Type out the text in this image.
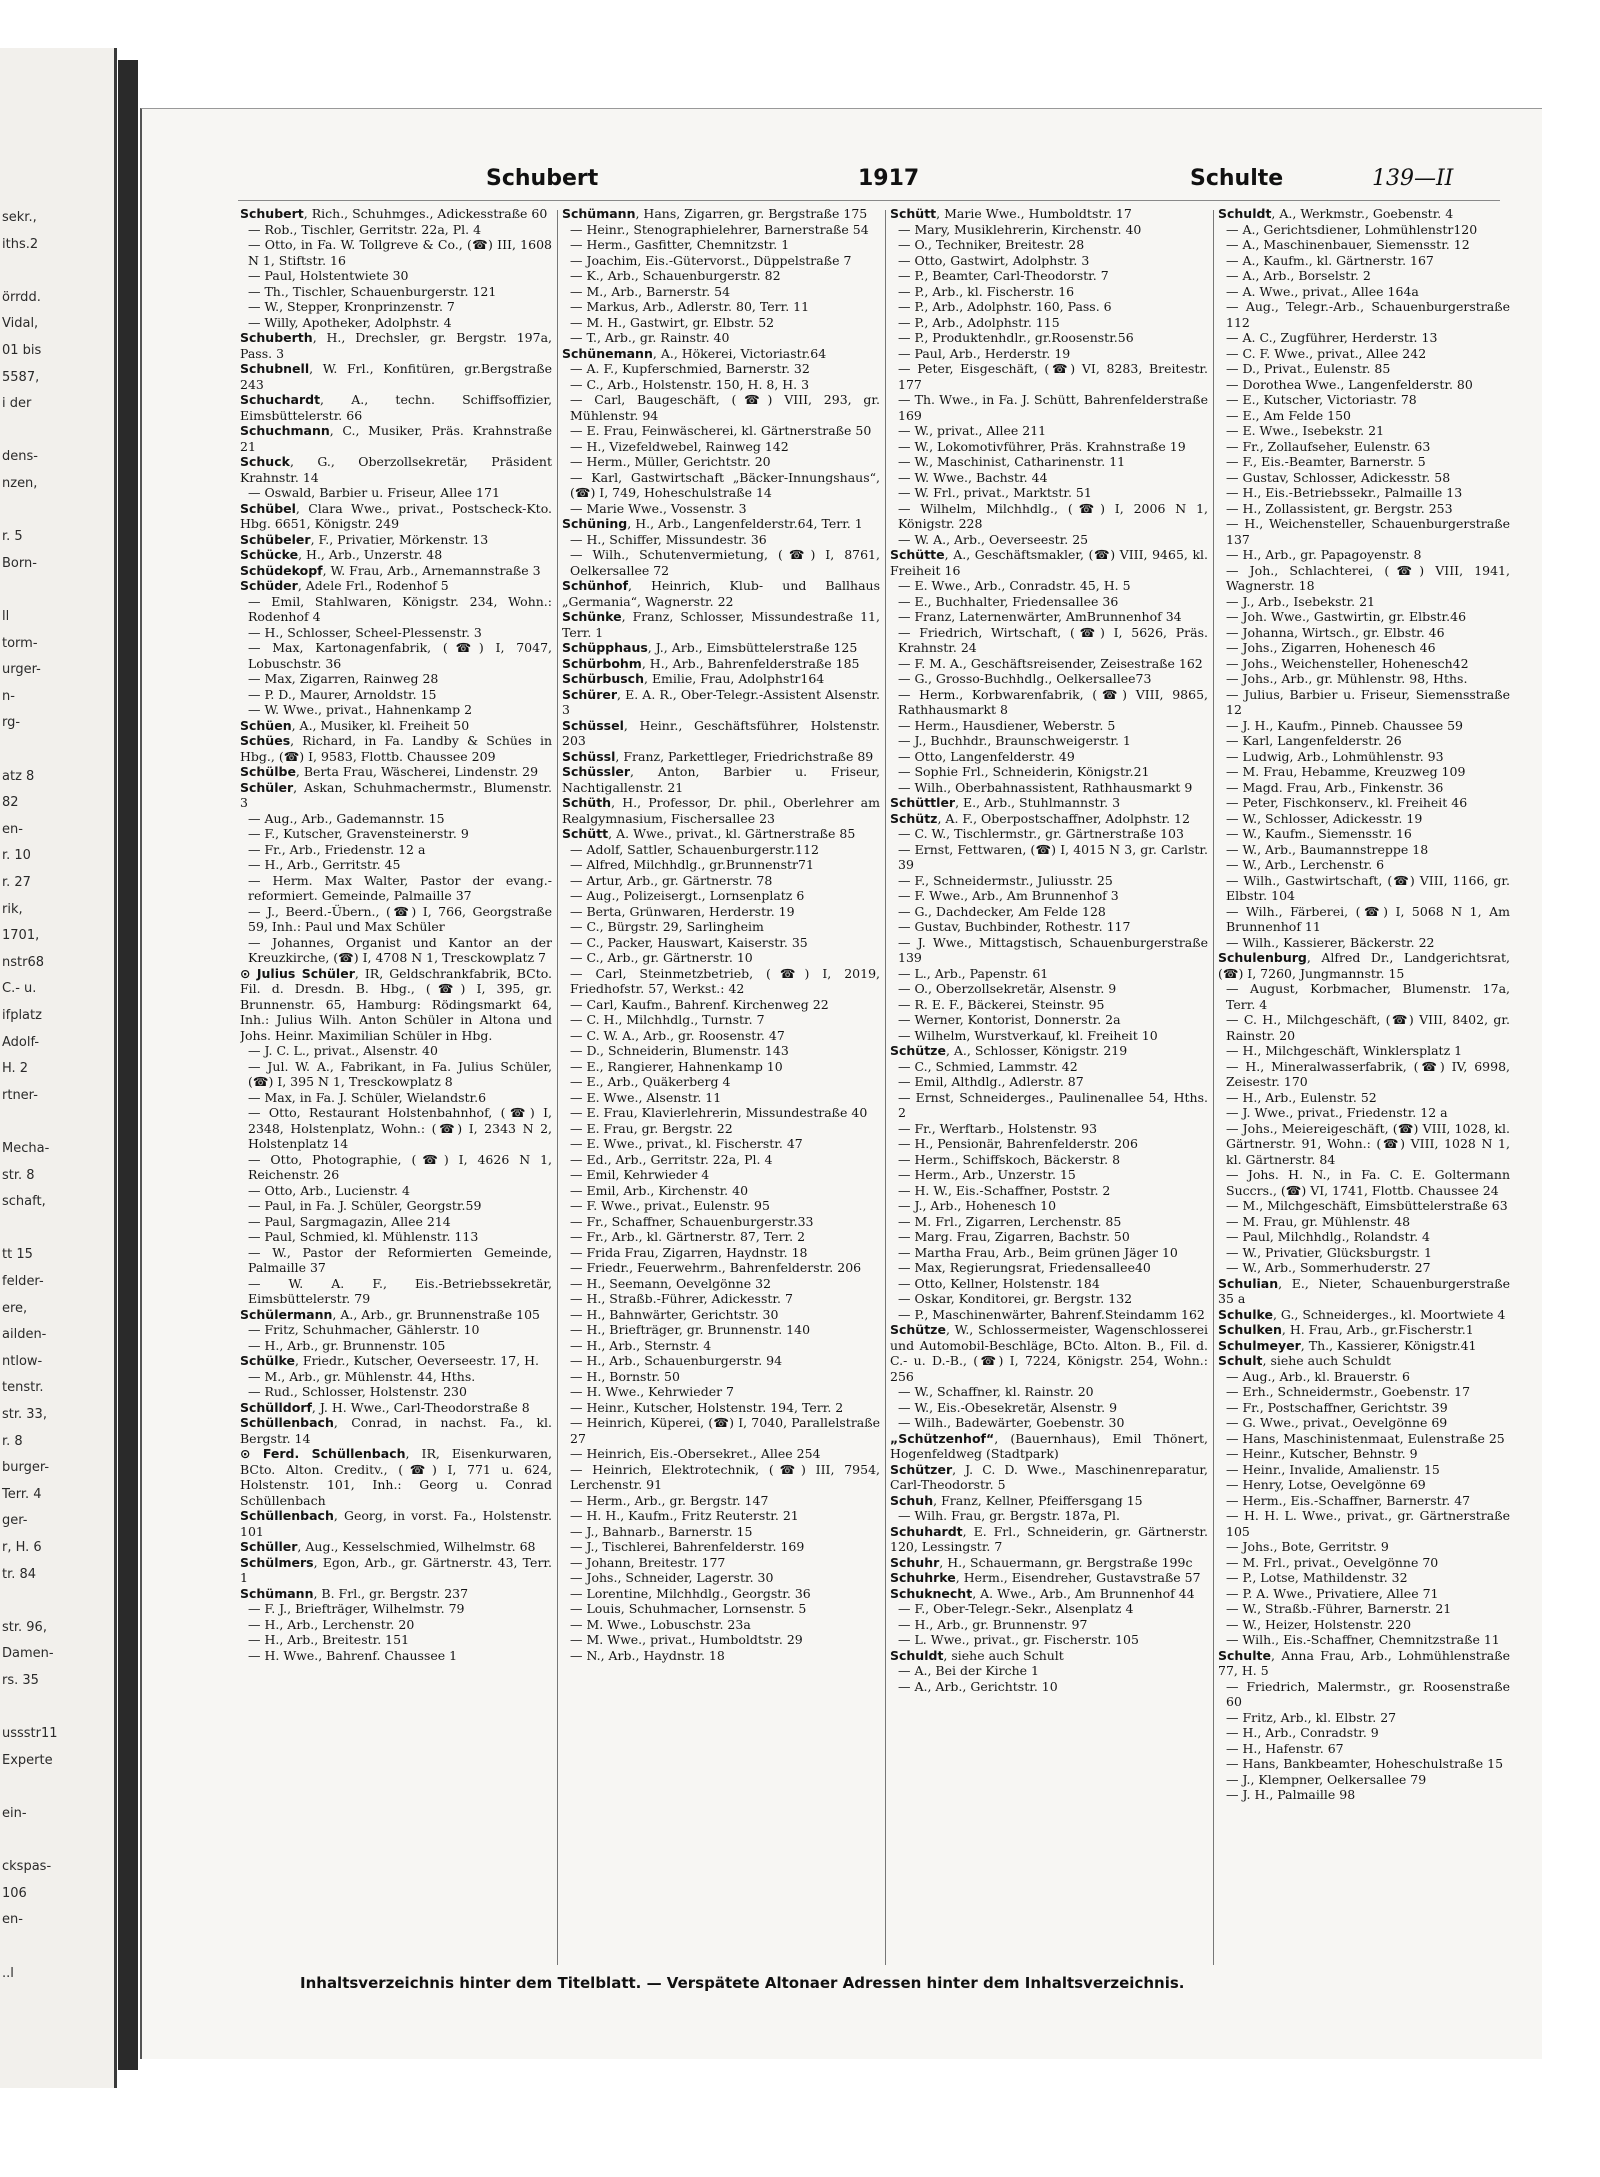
Schubert	1917	Schulte	139—II

Schubert, Rich., Schuhmges., Adickesstraße 60

— Rob., Tischler, Gerritstr. 22a, Pl. 4

— Otto, in Fa. W. Tollgreve & Co., (☎) III, 1608 N 1, Stiftstr. 16

— Paul, Holstentwiete 30

— Th., Tischler, Schauenburgerstr. 121

— W., Stepper, Kronprinzenstr. 7

— Willy, Apotheker, Adolphstr. 4

Schuberth, H., Drechsler, gr. Bergstr. 197a, Pass. 3

Schubnell, W. Frl., Konfitüren, gr.Bergstraße 243

Schuchardt, A., techn. Schiffsoffizier, Eimsbüttelerstr. 66

Schuchmann, C., Musiker, Präs. Krahnstraße 21

Schuck, G., Oberzollsekretär, Präsident Krahnstr. 14

— Oswald, Barbier u. Friseur, Allee 171

Schübel, Clara Wwe., privat., Postscheck-Kto. Hbg. 6651, Königstr. 249

Schübeler, F., Privatier, Mörkenstr. 13

Schücke, H., Arb., Unzerstr. 48

Schüdekopf, W. Frau, Arb., Arnemannstraße 3

Schüder, Adele Frl., Rodenhof 5

— Emil, Stahlwaren, Königstr. 234, Wohn.: Rodenhof 4

— H., Schlosser, Scheel-Plessenstr. 3

— Max, Kartonagenfabrik, (☎) I, 7047, Lobuschstr. 36

— Max, Zigarren, Rainweg 28

— P. D., Maurer, Arnoldstr. 15

— W. Wwe., privat., Hahnenkamp 2

Schüen, A., Musiker, kl. Freiheit 50

Schües, Richard, in Fa. Landby & Schües in Hbg., (☎) I, 9583, Flottb. Chaussee 209

Schülbe, Berta Frau, Wäscherei, Lindenstr. 29

Schüler, Askan, Schuhmachermstr., Blumenstr. 3

— Aug., Arb., Gademannstr. 15

— F., Kutscher, Gravensteinerstr. 9

— Fr., Arb., Friedenstr. 12 a

— H., Arb., Gerritstr. 45

— Herm. Max Walter, Pastor der evang.-reformiert. Gemeinde, Palmaille 37

— J., Beerd.-Übern., (☎) I, 766, Georgstraße 59, Inh.: Paul und Max Schüler

— Johannes, Organist und Kantor an der Kreuzkirche, (☎) I, 4708 N 1, Tresckowplatz 7

⊙ Julius Schüler, IR, Geldschrankfabrik, BCto. Fil. d. Dresdn. B. Hbg., (☎) I, 395, gr. Brunnenstr. 65, Hamburg: Rödingsmarkt 64, Inh.: Julius Wilh. Anton Schüler in Altona und Johs. Heinr. Maximilian Schüler in Hbg.

— J. C. L., privat., Alsenstr. 40

— Jul. W. A., Fabrikant, in Fa. Julius Schüler, (☎) I, 395 N 1, Tresckowplatz 8

— Max, in Fa. J. Schüler, Wielandstr.6

— Otto, Restaurant Holstenbahnhof, (☎) I, 2348, Holstenplatz, Wohn.: (☎) I, 2343 N 2, Holstenplatz 14

— Otto, Photographie, (☎) I, 4626 N 1, Reichenstr. 26

— Otto, Arb., Lucienstr. 4

— Paul, in Fa. J. Schüler, Georgstr.59

— Paul, Sargmagazin, Allee 214

— Paul, Schmied, kl. Mühlenstr. 113

— W., Pastor der Reformierten Gemeinde, Palmaille 37

— W. A. F., Eis.-Betriebssekretär, Eimsbüttelerstr. 79

Schülermann, A., Arb., gr. Brunnenstraße 105

— Fritz, Schuhmacher, Gählerstr. 10

— H., Arb., gr. Brunnenstr. 105

Schülke, Friedr., Kutscher, Oeverseestr. 17, H.

— M., Arb., gr. Mühlenstr. 44, Hths.

— Rud., Schlosser, Holstenstr. 230

Schülldorf, J. H. Wwe., Carl-Theodorstraße 8

Schüllenbach, Conrad, in nachst. Fa., kl. Bergstr. 14

⊙ Ferd. Schüllenbach, IR, Eisenkurwaren, BCto. Alton. Creditv., (☎) I, 771 u. 624, Holstenstr. 101, Inh.: Georg u. Conrad Schüllenbach

Schüllenbach, Georg, in vorst. Fa., Holstenstr. 101

Schüller, Aug., Kesselschmied, Wilhelmstr. 68

Schülmers, Egon, Arb., gr. Gärtnerstr. 43, Terr. 1

Schümann, B. Frl., gr. Bergstr. 237

— F. J., Briefträger, Wilhelmstr. 79

— H., Arb., Lerchenstr. 20

— H., Arb., Breitestr. 151

— H. Wwe., Bahrenf. Chaussee 1

Schümann, Hans, Zigarren, gr. Bergstraße 175

— Heinr., Stenographielehrer, Barnerstraße 54

— Herm., Gasfitter, Chemnitzstr. 1

— Joachim, Eis.-Gütervorst., Düppelstraße 7

— K., Arb., Schauenburgerstr. 82

— M., Arb., Barnerstr. 54

— Markus, Arb., Adlerstr. 80, Terr. 11

— M. H., Gastwirt, gr. Elbstr. 52

— T., Arb., gr. Rainstr. 40

Schünemann, A., Hökerei, Victoriastr.64

— A. F., Kupferschmied, Barnerstr. 32

— C., Arb., Holstenstr. 150, H. 8, H. 3

— Carl, Baugeschäft, (☎) VIII, 293, gr. Mühlenstr. 94

— E. Frau, Feinwäscherei, kl. Gärtnerstraße 50

— H., Vizefeldwebel, Rainweg 142

— Herm., Müller, Gerichtstr. 20

— Karl, Gastwirtschaft „Bäcker-Innungshaus“, (☎) I, 749, Hoheschulstraße 14

— Marie Wwe., Vossenstr. 3

Schüning, H., Arb., Langenfelderstr.64, Terr. 1

— H., Schiffer, Missundestr. 36

— Wilh., Schutenvermietung, (☎) I, 8761, Oelkersallee 72

Schünhof, Heinrich, Klub- und Ballhaus „Germania“, Wagnerstr. 22

Schünke, Franz, Schlosser, Missundestraße 11, Terr. 1

Schüpphaus, J., Arb., Eimsbüttelerstraße 125

Schürbohm, H., Arb., Bahrenfelderstraße 185

Schürbusch, Emilie, Frau, Adolphstr164

Schürer, E. A. R., Ober-Telegr.-Assistent Alsenstr. 3

Schüssel, Heinr., Geschäftsführer, Holstenstr. 203

Schüssl, Franz, Parkettleger, Friedrichstraße 89

Schüssler, Anton, Barbier u. Friseur, Nachtigallenstr. 21

Schüth, H., Professor, Dr. phil., Oberlehrer am Realgymnasium, Fischersallee 23

Schütt, A. Wwe., privat., kl. Gärtnerstraße 85

— Adolf, Sattler, Schauenburgerstr.112

— Alfred, Milchhdlg., gr.Brunnenstr71

— Artur, Arb., gr. Gärtnerstr. 78

— Aug., Polizeisergt., Lornsenplatz 6

— Berta, Grünwaren, Herderstr. 19

— C., Bürgstr. 29, Sarlingheim

— C., Packer, Hauswart, Kaiserstr. 35

— C., Arb., gr. Gärtnerstr. 10

— Carl, Steinmetzbetrieb, (☎) I, 2019, Friedhofstr. 57, Werkst.: 42

— Carl, Kaufm., Bahrenf. Kirchenweg 22

— C. H., Milchhdlg., Turnstr. 7

— C. W. A., Arb., gr. Roosenstr. 47

— D., Schneiderin, Blumenstr. 143

— E., Rangierer, Hahnenkamp 10

— E., Arb., Quäkerberg 4

— E. Wwe., Alsenstr. 11

— E. Frau, Klavierlehrerin, Missundestraße 40

— E. Frau, gr. Bergstr. 22

— E. Wwe., privat., kl. Fischerstr. 47

— Ed., Arb., Gerritstr. 22a, Pl. 4

— Emil, Kehrwieder 4

— Emil, Arb., Kirchenstr. 40

— F. Wwe., privat., Eulenstr. 95

— Fr., Schaffner, Schauenburgerstr.33

— Fr., Arb., kl. Gärtnerstr. 87, Terr. 2

— Frida Frau, Zigarren, Haydnstr. 18

— Friedr., Feuerwehrm., Bahrenfelderstr. 206

— H., Seemann, Oevelgönne 32

— H., Straßb.-Führer, Adickesstr. 7

— H., Bahnwärter, Gerichtstr. 30

— H., Briefträger, gr. Brunnenstr. 140

— H., Arb., Sternstr. 4

— H., Arb., Schauenburgerstr. 94

— H., Bornstr. 50

— H. Wwe., Kehrwieder 7

— Heinr., Kutscher, Holstenstr. 194, Terr. 2

— Heinrich, Küperei, (☎) I, 7040, Parallelstraße 27

— Heinrich, Eis.-Obersekret., Allee 254

— Heinrich, Elektrotechnik, (☎) III, 7954, Lerchenstr. 91

— Herm., Arb., gr. Bergstr. 147

— H. H., Kaufm., Fritz Reuterstr. 21

— J., Bahnarb., Barnerstr. 15

— J., Tischlerei, Bahrenfelderstr. 169

— Johann, Breitestr. 177

— Johs., Schneider, Lagerstr. 30

— Lorentine, Milchhdlg., Georgstr. 36

— Louis, Schuhmacher, Lornsenstr. 5

— M. Wwe., Lobuschstr. 23a

— M. Wwe., privat., Humboldtstr. 29

— N., Arb., Haydnstr. 18

Schütt, Marie Wwe., Humboldtstr. 17

— Mary, Musiklehrerin, Kirchenstr. 40

— O., Techniker, Breitestr. 28

— Otto, Gastwirt, Adolphstr. 3

— P., Beamter, Carl-Theodorstr. 7

— P., Arb., kl. Fischerstr. 16

— P., Arb., Adolphstr. 160, Pass. 6

— P., Arb., Adolphstr. 115

— P., Produktenhdlr., gr.Roosenstr.56

— Paul, Arb., Herderstr. 19

— Peter, Eisgeschäft, (☎) VI, 8283, Breitestr. 177

— Th. Wwe., in Fa. J. Schütt, Bahrenfelderstraße 169

— W., privat., Allee 211

— W., Lokomotivführer, Präs. Krahnstraße 19

— W., Maschinist, Catharinenstr. 11

— W. Wwe., Bachstr. 44

— W. Frl., privat., Marktstr. 51

— Wilhelm, Milchhdlg., (☎) I, 2006 N 1, Königstr. 228

— W. A., Arb., Oeverseestr. 25

Schütte, A., Geschäftsmakler, (☎) VIII, 9465, kl. Freiheit 16

— E. Wwe., Arb., Conradstr. 45, H. 5

— E., Buchhalter, Friedensallee 36

— Franz, Laternenwärter, AmBrunnenhof 34

— Friedrich, Wirtschaft, (☎) I, 5626, Präs. Krahnstr. 24

— F. M. A., Geschäftsreisender, Zeisestraße 162

— G., Grosso-Buchhdlg., Oelkersallee73

— Herm., Korbwarenfabrik, (☎) VIII, 9865, Rathhausmarkt 8

— Herm., Hausdiener, Weberstr. 5

— J., Buchhdr., Braunschweigerstr. 1

— Otto, Langenfelderstr. 49

— Sophie Frl., Schneiderin, Königstr.21

— Wilh., Oberbahnassistent, Rathhausmarkt 9

Schüttler, E., Arb., Stuhlmannstr. 3

Schütz, A. F., Oberpostschaffner, Adolphstr. 12

— C. W., Tischlermstr., gr. Gärtnerstraße 103

— Ernst, Fettwaren, (☎) I, 4015 N 3, gr. Carlstr. 39

— F., Schneidermstr., Juliusstr. 25

— F. Wwe., Arb., Am Brunnenhof 3

— G., Dachdecker, Am Felde 128

— Gustav, Buchbinder, Rothestr. 117

— J. Wwe., Mittagstisch, Schauenburgerstraße 139

— L., Arb., Papenstr. 61

— O., Oberzollsekretär, Alsenstr. 9

— R. E. F., Bäckerei, Steinstr. 95

— Werner, Kontorist, Donnerstr. 2a

— Wilhelm, Wurstverkauf, kl. Freiheit 10

Schütze, A., Schlosser, Königstr. 219

— C., Schmied, Lammstr. 42

— Emil, Althdlg., Adlerstr. 87

— Ernst, Schneiderges., Paulinenallee 54, Hths. 2

— Fr., Werftarb., Holstenstr. 93

— H., Pensionär, Bahrenfelderstr. 206

— Herm., Schiffskoch, Bäckerstr. 8

— Herm., Arb., Unzerstr. 15

— H. W., Eis.-Schaffner, Poststr. 2

— J., Arb., Hohenesch 10

— M. Frl., Zigarren, Lerchenstr. 85

— Marg. Frau, Zigarren, Bachstr. 50

— Martha Frau, Arb., Beim grünen Jäger 10

— Max, Regierungsrat, Friedensallee40

— Otto, Kellner, Holstenstr. 184

— Oskar, Konditorei, gr. Bergstr. 132

— P., Maschinenwärter, Bahrenf.Steindamm 162

Schütze, W., Schlossermeister, Wagenschlosserei und Automobil-Beschläge, BCto. Alton. B., Fil. d. C.- u. D.-B., (☎) I, 7224, Königstr. 254, Wohn.: 256

— W., Schaffner, kl. Rainstr. 20

— W., Eis.-Obesekretär, Alsenstr. 9

— Wilh., Badewärter, Goebenstr. 30

„Schützenhof“, (Bauernhaus), Emil Thönert, Hogenfeldweg (Stadtpark)

Schützer, J. C. D. Wwe., Maschinenreparatur, Carl-Theodorstr. 5

Schuh, Franz, Kellner, Pfeiffersgang 15

— Wilh. Frau, gr. Bergstr. 187a, Pl.

Schuhardt, E. Frl., Schneiderin, gr. Gärtnerstr. 120, Lessingstr. 7

Schuhr, H., Schauermann, gr. Bergstraße 199c

Schuhrke, Herm., Eisendreher, Gustavstraße 57

Schuknecht, A. Wwe., Arb., Am Brunnenhof 44

— F., Ober-Telegr.-Sekr., Alsenplatz 4

— H., Arb., gr. Brunnenstr. 97

— L. Wwe., privat., gr. Fischerstr. 105

Schuldt, siehe auch Schult

— A., Bei der Kirche 1

— A., Arb., Gerichtstr. 10

Schuldt, A., Werkmstr., Goebenstr. 4

— A., Gerichtsdiener, Lohmühlenstr120

— A., Maschinenbauer, Siemensstr. 12

— A., Kaufm., kl. Gärtnerstr. 167

— A., Arb., Borselstr. 2

— A. Wwe., privat., Allee 164a

— Aug., Telegr.-Arb., Schauenburgerstraße 112

— A. C., Zugführer, Herderstr. 13

— C. F. Wwe., privat., Allee 242

— D., Privat., Eulenstr. 85

— Dorothea Wwe., Langenfelderstr. 80

— E., Kutscher, Victoriastr. 78

— E., Am Felde 150

— E. Wwe., Isebekstr. 21

— Fr., Zollaufseher, Eulenstr. 63

— F., Eis.-Beamter, Barnerstr. 5

— Gustav, Schlosser, Adickesstr. 58

— H., Eis.-Betriebssekr., Palmaille 13

— H., Zollassistent, gr. Bergstr. 253

— H., Weichensteller, Schauenburgerstraße 137

— H., Arb., gr. Papagoyenstr. 8

— Joh., Schlachterei, (☎) VIII, 1941, Wagnerstr. 18

— J., Arb., Isebekstr. 21

— Joh. Wwe., Gastwirtin, gr. Elbstr.46

— Johanna, Wirtsch., gr. Elbstr. 46

— Johs., Zigarren, Hohenesch 46

— Johs., Weichensteller, Hohenesch42

— Johs., Arb., gr. Mühlenstr. 98, Hths.

— Julius, Barbier u. Friseur, Siemensstraße 12

— J. H., Kaufm., Pinneb. Chaussee 59

— Karl, Langenfelderstr. 26

— Ludwig, Arb., Lohmühlenstr. 93

— M. Frau, Hebamme, Kreuzweg 109

— Magd. Frau, Arb., Finkenstr. 36

— Peter, Fischkonserv., kl. Freiheit 46

— W., Schlosser, Adickesstr. 19

— W., Kaufm., Siemensstr. 16

— W., Arb., Baumannstreppe 18

— W., Arb., Lerchenstr. 6

— Wilh., Gastwirtschaft, (☎) VIII, 1166, gr. Elbstr. 104

— Wilh., Färberei, (☎) I, 5068 N 1, Am Brunnenhof 11

— Wilh., Kassierer, Bäckerstr. 22

Schulenburg, Alfred Dr., Landgerichtsrat, (☎) I, 7260, Jungmannstr. 15

— August, Korbmacher, Blumenstr. 17a, Terr. 4

— C. H., Milchgeschäft, (☎) VIII, 8402, gr. Rainstr. 20

— H., Milchgeschäft, Winklersplatz 1

— H., Mineralwasserfabrik, (☎) IV, 6998, Zeisestr. 170

— H., Arb., Eulenstr. 52

— J. Wwe., privat., Friedenstr. 12 a

— Johs., Meiereigeschäft, (☎) VIII, 1028, kl. Gärtnerstr. 91, Wohn.: (☎) VIII, 1028 N 1, kl. Gärtnerstr. 84

— Johs. H. N., in Fa. C. E. Goltermann Succrs., (☎) VI, 1741, Flottb. Chaussee 24

— M., Milchgeschäft, Eimsbüttelerstraße 63

— M. Frau, gr. Mühlenstr. 48

— Paul, Milchhdlg., Rolandstr. 4

— W., Privatier, Glücksburgstr. 1

— W., Arb., Sommerhuderstr. 27

Schulian, E., Nieter, Schauenburgerstraße 35 a

Schulke, G., Schneiderges., kl. Moortwiete 4

Schulken, H. Frau, Arb., gr.Fischerstr.1

Schulmeyer, Th., Kassierer, Königstr.41

Schult, siehe auch Schuldt

— Aug., Arb., kl. Brauerstr. 6

— Erh., Schneidermstr., Goebenstr. 17

— Fr., Postschaffner, Gerichtstr. 39

— G. Wwe., privat., Oevelgönne 69

— Hans, Maschinistenmaat, Eulenstraße 25

— Heinr., Kutscher, Behnstr. 9

— Heinr., Invalide, Amalienstr. 15

— Henry, Lotse, Oevelgönne 69

— Herm., Eis.-Schaffner, Barnerstr. 47

— H. H. L. Wwe., privat., gr. Gärtnerstraße 105

— Johs., Bote, Gerritstr. 9

— M. Frl., privat., Oevelgönne 70

— P., Lotse, Mathildenstr. 32

— P. A. Wwe., Privatiere, Allee 71

— W., Straßb.-Führer, Barnerstr. 21

— W., Heizer, Holstenstr. 220

— Wilh., Eis.-Schaffner, Chemnitzstraße 11

Schulte, Anna Frau, Arb., Lohmühlenstraße 77, H. 5

— Friedrich, Malermstr., gr. Roosenstraße 60

— Fritz, Arb., kl. Elbstr. 27

— H., Arb., Conradstr. 9

— H., Hafenstr. 67

— Hans, Bankbeamter, Hoheschulstraße 15

— J., Klempner, Oelkersallee 79

— J. H., Palmaille 98

Inhaltsverzeichnis hinter dem Titelblatt. — Verspätete Altonaer Adressen hinter dem Inhaltsverzeichnis.
sekr.,
iths.2
örrdd.
Vidal,
01 bis
5587,
i der
dens-
nzen,
r. 5
Born-
ll
torm-
urger-
n-
rg-
atz 8
82
en-
r. 10
r. 27
rik,
1701,
nstr68
C.- u.
ifplatz
Adolf-
H. 2
rtner-
Mecha-
str. 8
schaft,
tt 15
felder-
ere,
ailden-
ntlow-
tenstr.
str. 33,
r. 8
burger-
Terr. 4
ger-
r, H. 6
tr. 84
str. 96,
Damen-
rs. 35
ussstr11
Experte
ein-
ckspas-
106
en-
..l
